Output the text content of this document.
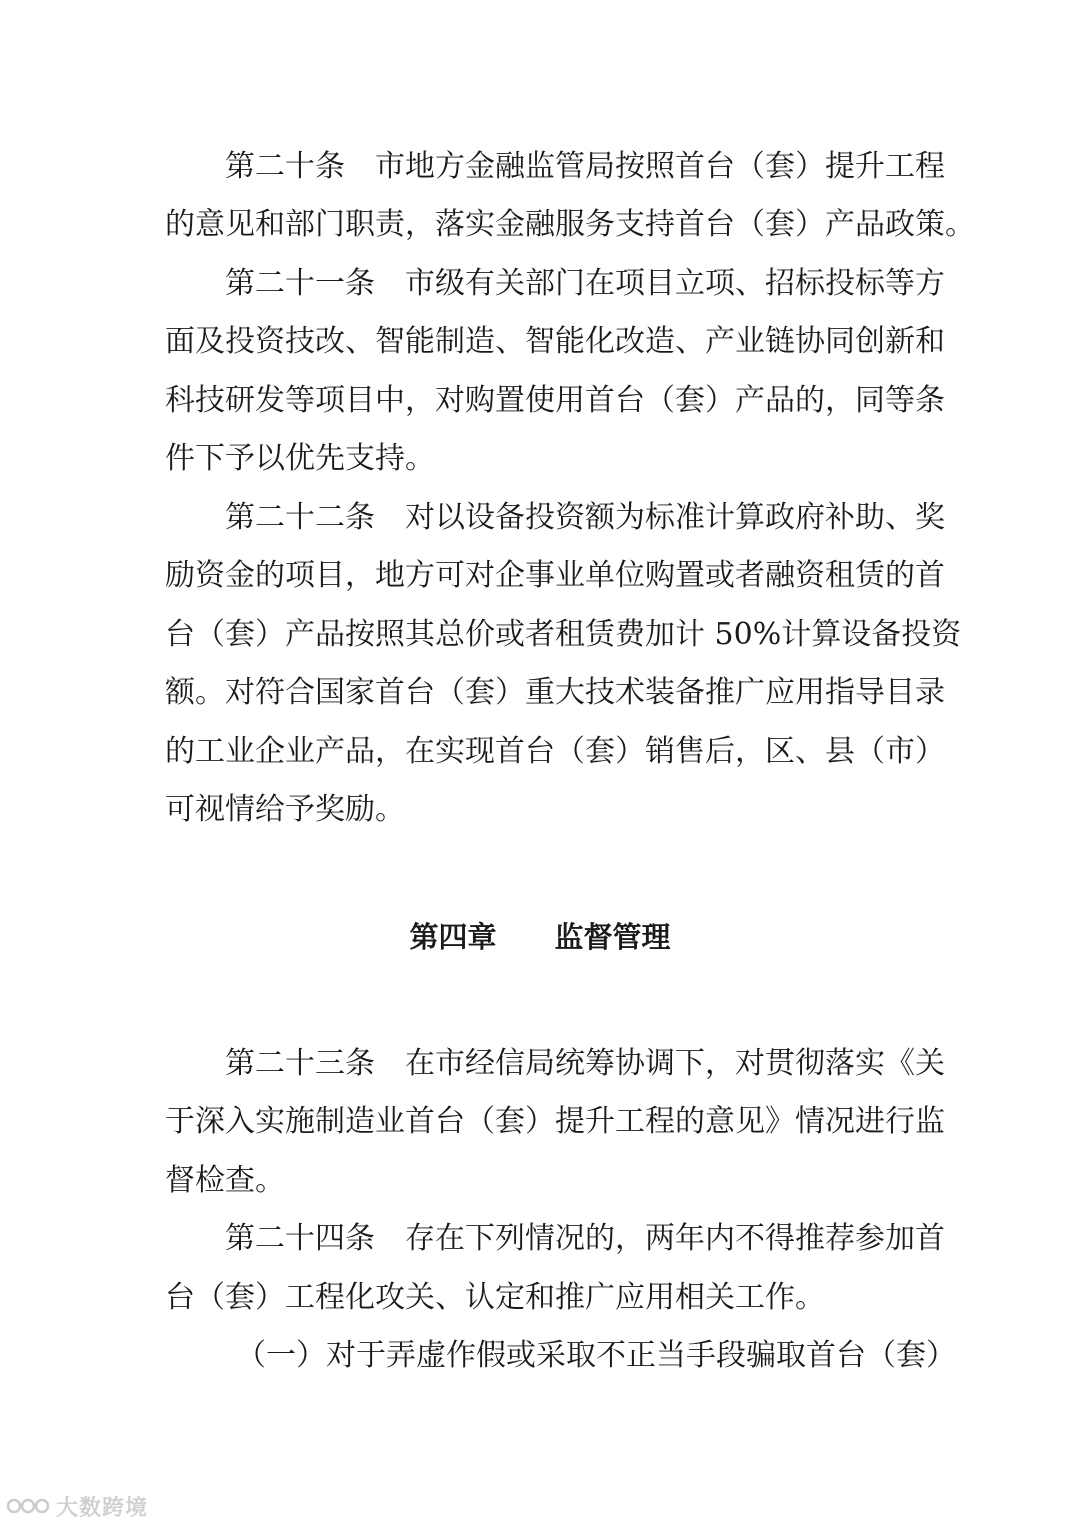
第二十条　市地方金融监管局按照首台（套）提升工程
的意见和部门职责，落实金融服务支持首台（套）产品政策。
第二十一条　市级有关部门在项目立项、招标投标等方
面及投资技改、智能制造、智能化改造、产业链协同创新和
科技研发等项目中，对购置使用首台（套）产品的，同等条
件下予以优先支持。
第二十二条　对以设备投资额为标准计算政府补助、奖
励资金的项目，地方可对企事业单位购置或者融资租赁的首
台（套）产品按照其总价或者租赁费加计 50%计算设备投资
额。对符合国家首台（套）重大技术装备推广应用指导目录
的工业企业产品，在实现首台（套）销售后，区、县（市）
可视情给予奖励。
第四章　　监督管理
第二十三条　在市经信局统筹协调下，对贯彻落实《关
于深入实施制造业首台（套）提升工程的意见》情况进行监
督检查。
第二十四条　存在下列情况的，两年内不得推荐参加首
台（套）工程化攻关、认定和推广应用相关工作。
（一）对于弄虚作假或采取不正当手段骗取首台（套）
大数跨境
